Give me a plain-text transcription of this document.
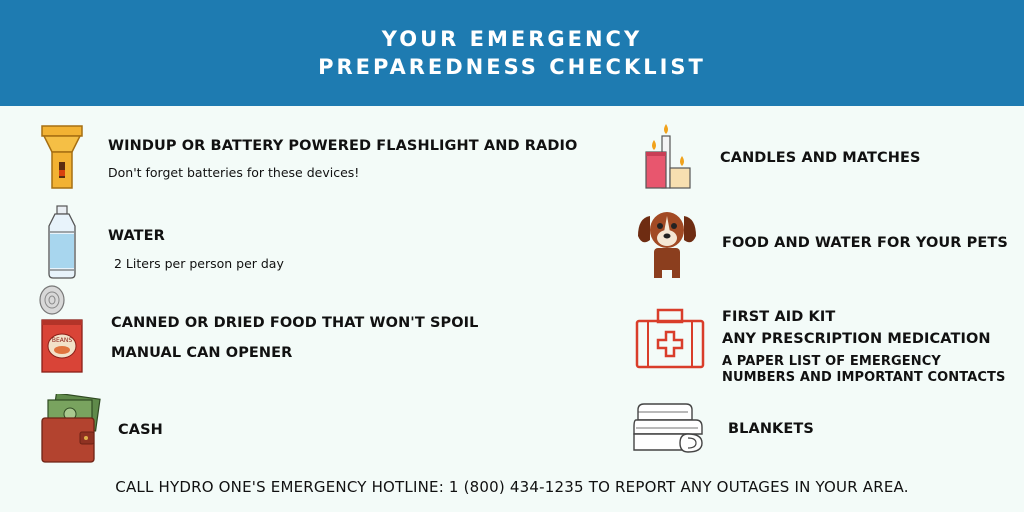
YOUR EMERGENCY
PREPAREDNESS CHECKLIST
WINDUP OR BATTERY POWERED FLASHLIGHT AND RADIO
Don't forget batteries for these devices!
WATER
2 Liters per person per day
BEANS
CANNED OR DRIED FOOD THAT WON'T SPOIL
MANUAL CAN OPENER
CASH
CANDLES AND MATCHES
FOOD AND WATER FOR YOUR PETS
FIRST AID KIT
ANY PRESCRIPTION MEDICATION
A PAPER LIST OF EMERGENCY
NUMBERS AND IMPORTANT CONTACTS
BLANKETS
CALL HYDRO ONE'S EMERGENCY HOTLINE: 1 (800) 434-1235 TO REPORT ANY OUTAGES IN YOUR AREA.
